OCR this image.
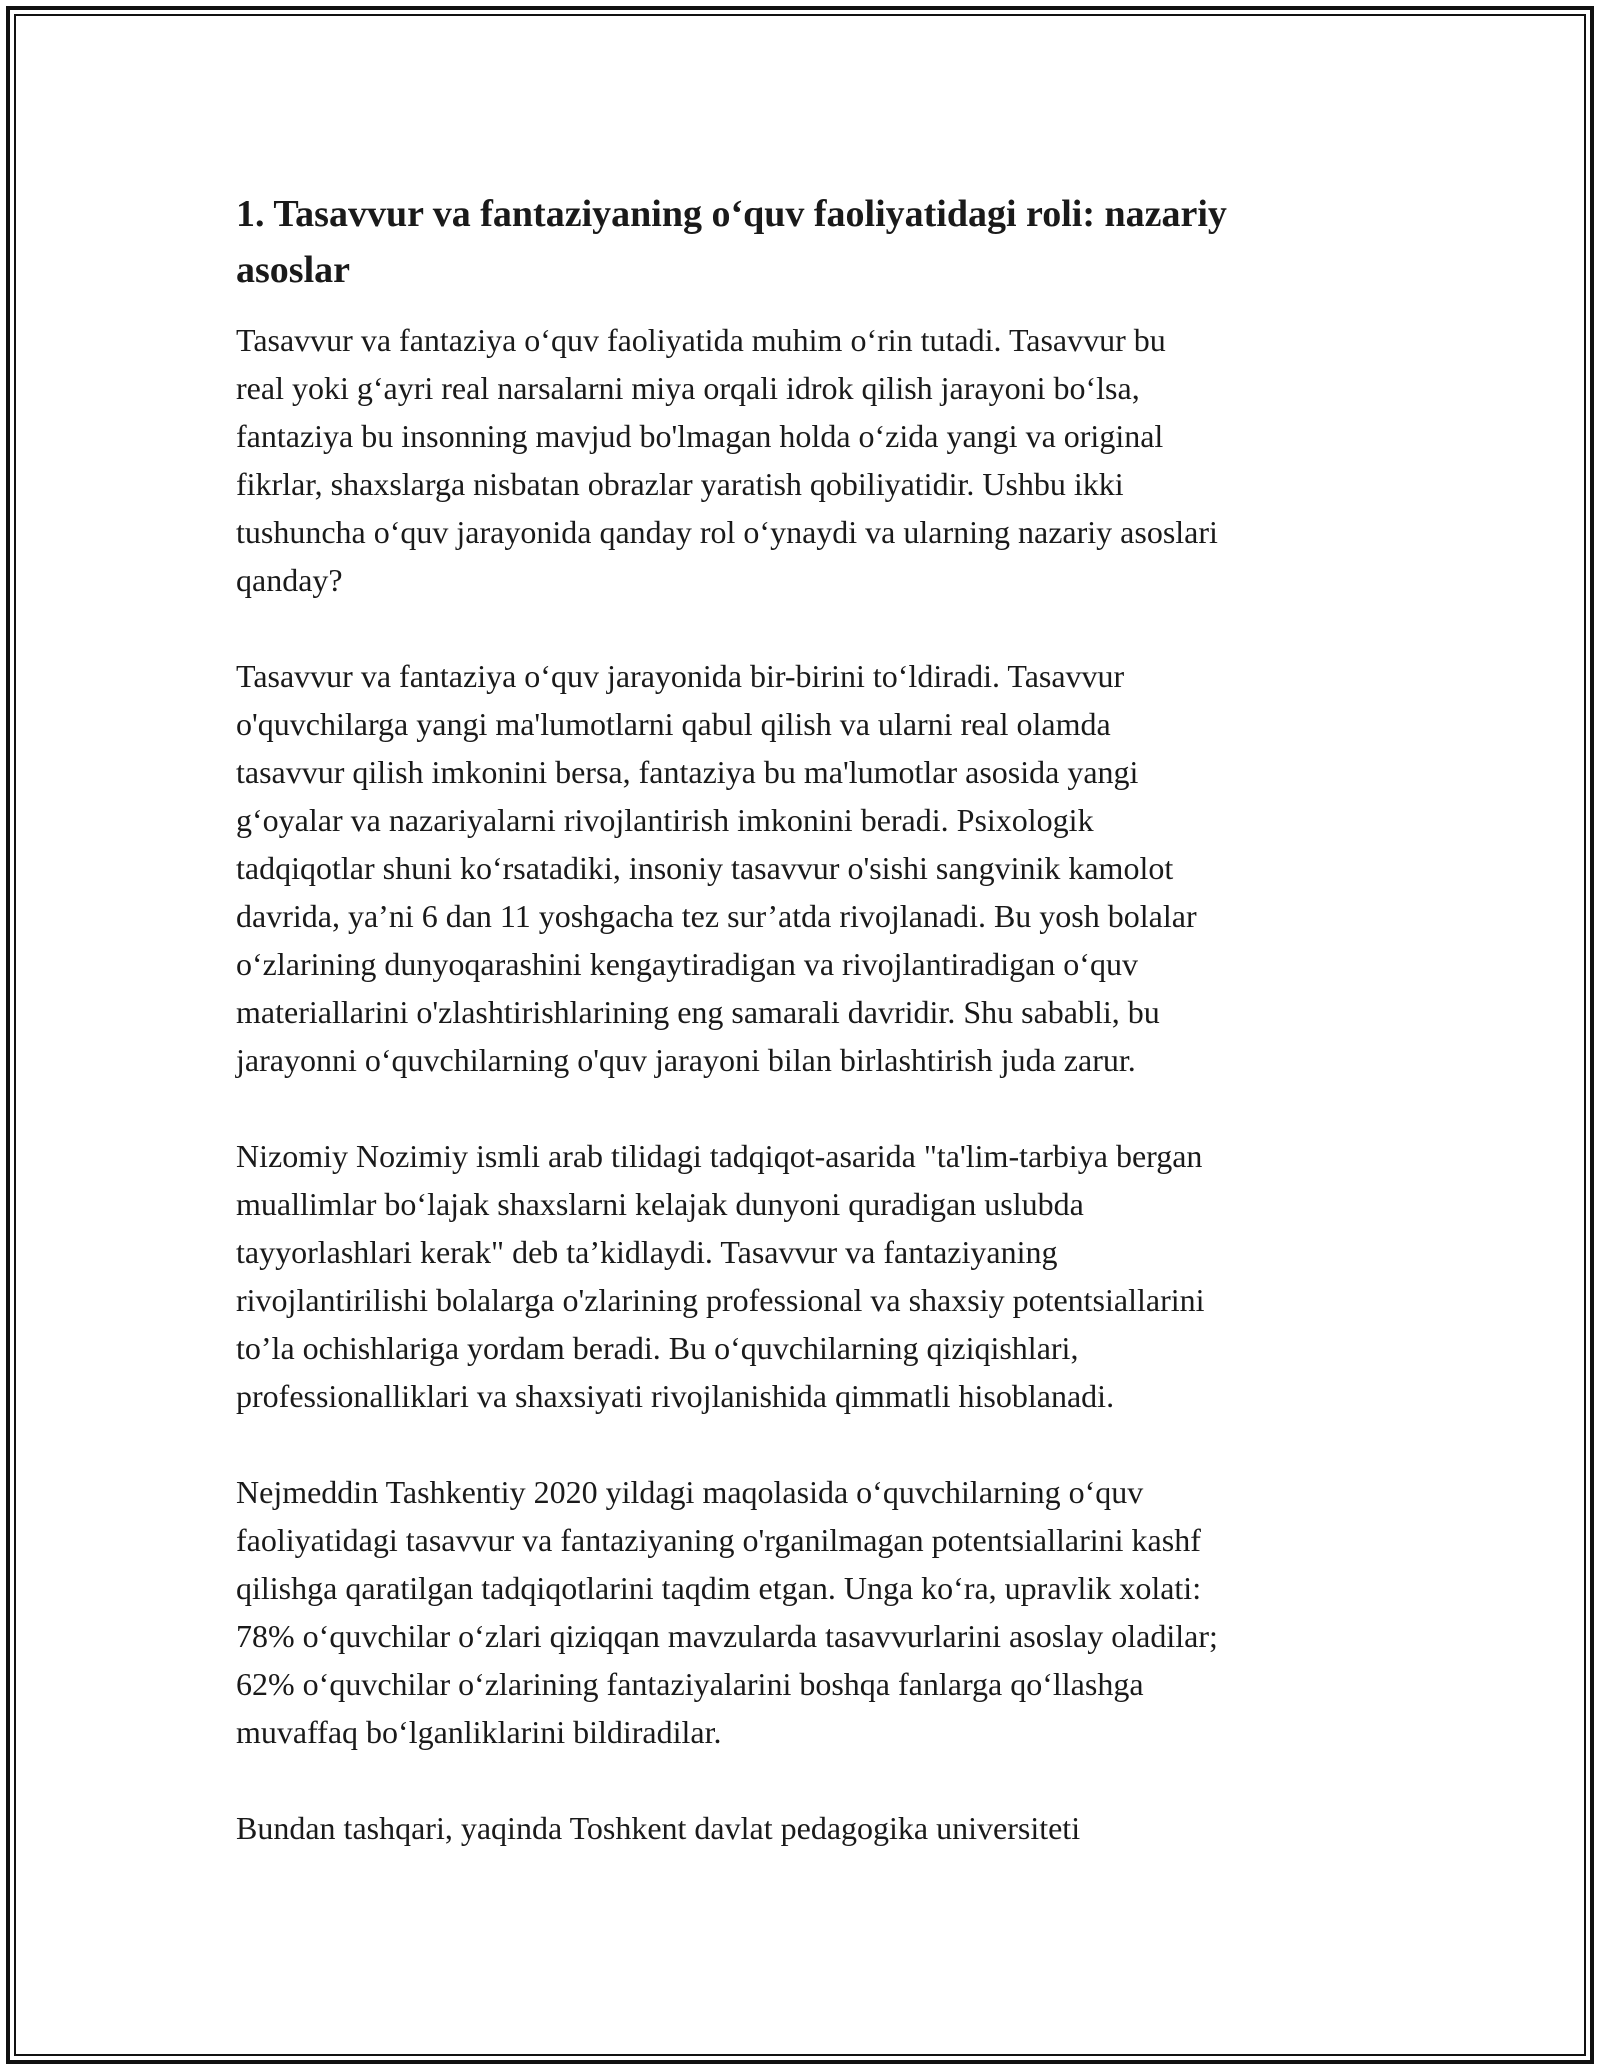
1. Tasavvur va fantaziyaning o‘quv faoliyatidagi roli: nazariy
asoslar
Tasavvur va fantaziya o‘quv faoliyatida muhim o‘rin tutadi. Tasavvur bu
real yoki g‘ayri real narsalarni miya orqali idrok qilish jarayoni bo‘lsa,
fantaziya bu insonning mavjud bo'lmagan holda o‘zida yangi va original
fikrlar, shaxslarga nisbatan obrazlar yaratish qobiliyatidir. Ushbu ikki
tushuncha o‘quv jarayonida qanday rol o‘ynaydi va ularning nazariy asoslari
qanday?
Tasavvur va fantaziya o‘quv jarayonida bir-birini to‘ldiradi. Tasavvur
o'quvchilarga yangi ma'lumotlarni qabul qilish va ularni real olamda
tasavvur qilish imkonini bersa, fantaziya bu ma'lumotlar asosida yangi
g‘oyalar va nazariyalarni rivojlantirish imkonini beradi. Psixologik
tadqiqotlar shuni ko‘rsatadiki, insoniy tasavvur o'sishi sangvinik kamolot
davrida, ya’ni 6 dan 11 yoshgacha tez sur’atda rivojlanadi. Bu yosh bolalar
o‘zlarining dunyoqarashini kengaytiradigan va rivojlantiradigan o‘quv
materiallarini o'zlashtirishlarining eng samarali davridir. Shu sababli, bu
jarayonni o‘quvchilarning o'quv jarayoni bilan birlashtirish juda zarur.
Nizomiy Nozimiy ismli arab tilidagi tadqiqot-asarida "ta'lim-tarbiya bergan
muallimlar bo‘lajak shaxslarni kelajak dunyoni quradigan uslubda
tayyorlashlari kerak" deb ta’kidlaydi. Tasavvur va fantaziyaning
rivojlantirilishi bolalarga o'zlarining professional va shaxsiy potentsiallarini
to’la ochishlariga yordam beradi. Bu o‘quvchilarning qiziqishlari,
professionalliklari va shaxsiyati rivojlanishida qimmatli hisoblanadi.
Nejmeddin Tashkentiy 2020 yildagi maqolasida o‘quvchilarning o‘quv
faoliyatidagi tasavvur va fantaziyaning o'rganilmagan potentsiallarini kashf
qilishga qaratilgan tadqiqotlarini taqdim etgan. Unga ko‘ra, upravlik xolati:
78% o‘quvchilar o‘zlari qiziqqan mavzularda tasavvurlarini asoslay oladilar;
62% o‘quvchilar o‘zlarining fantaziyalarini boshqa fanlarga qo‘llashga
muvaffaq bo‘lganliklarini bildiradilar.
Bundan tashqari, yaqinda Toshkent davlat pedagogika universiteti
